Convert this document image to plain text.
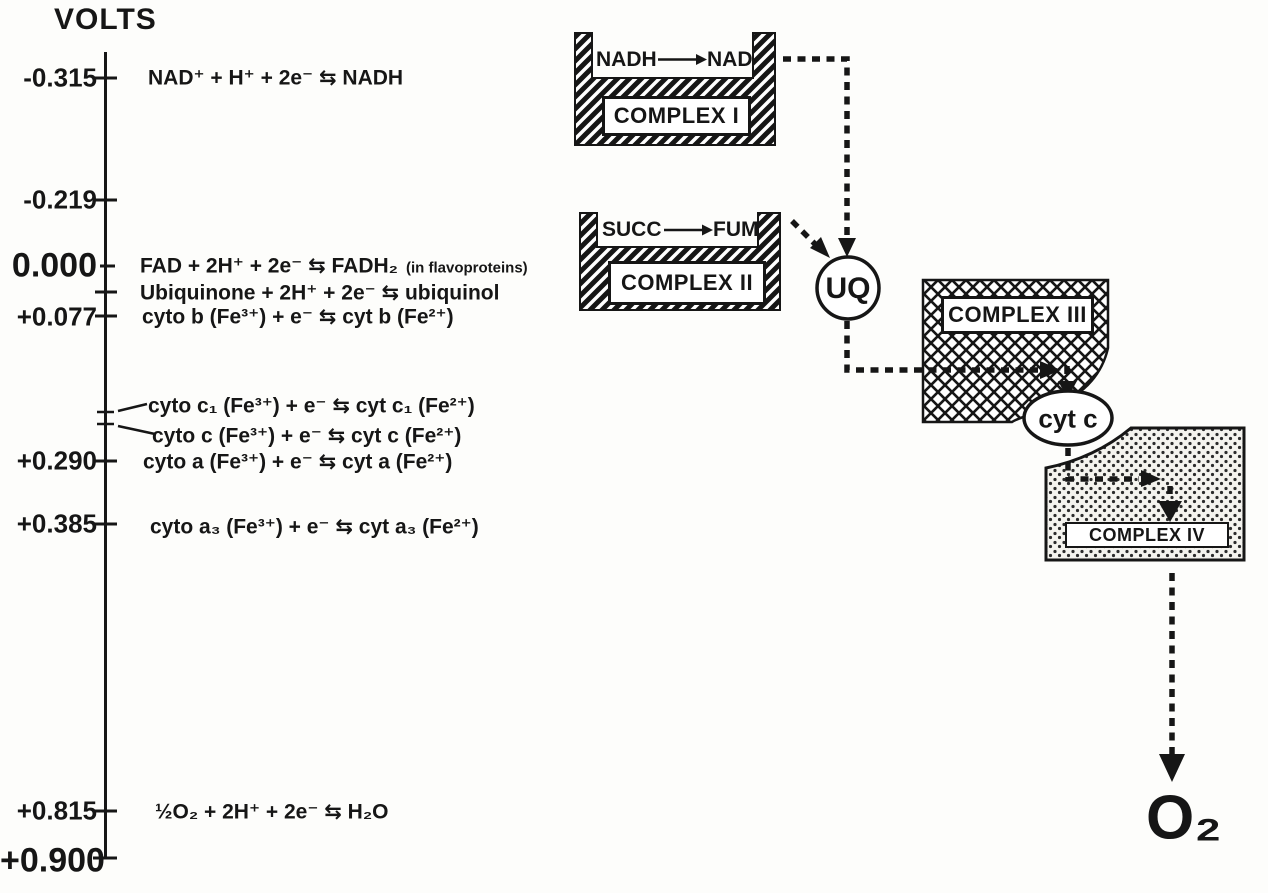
VOLTS
-0.315
-0.219
0.000
+0.077
+0.290
+0.385
+0.815
+0.900
NAD⁺ + H⁺ + 2e⁻ ⇆ NADH
FAD + 2H⁺ + 2e⁻ ⇆ FADH₂ (in flavoproteins)
Ubiquinone + 2H⁺ + 2e⁻ ⇆ ubiquinol
cyto b (Fe³⁺) + e⁻ ⇆ cyt b (Fe²⁺)
cyto c₁ (Fe³⁺) + e⁻ ⇆ cyt c₁ (Fe²⁺)
cyto c (Fe³⁺) + e⁻ ⇆ cyt c (Fe²⁺)
cyto a (Fe³⁺) + e⁻ ⇆ cyt a (Fe²⁺)
cyto a₃ (Fe³⁺) + e⁻ ⇆ cyt a₃ (Fe²⁺)
½O₂ + 2H⁺ + 2e⁻ ⇆ H₂O
NADH NAD
COMPLEX I
SUCC FUM
COMPLEX II
COMPLEX III
COMPLEX IV
UQ
cyt c
O₂
